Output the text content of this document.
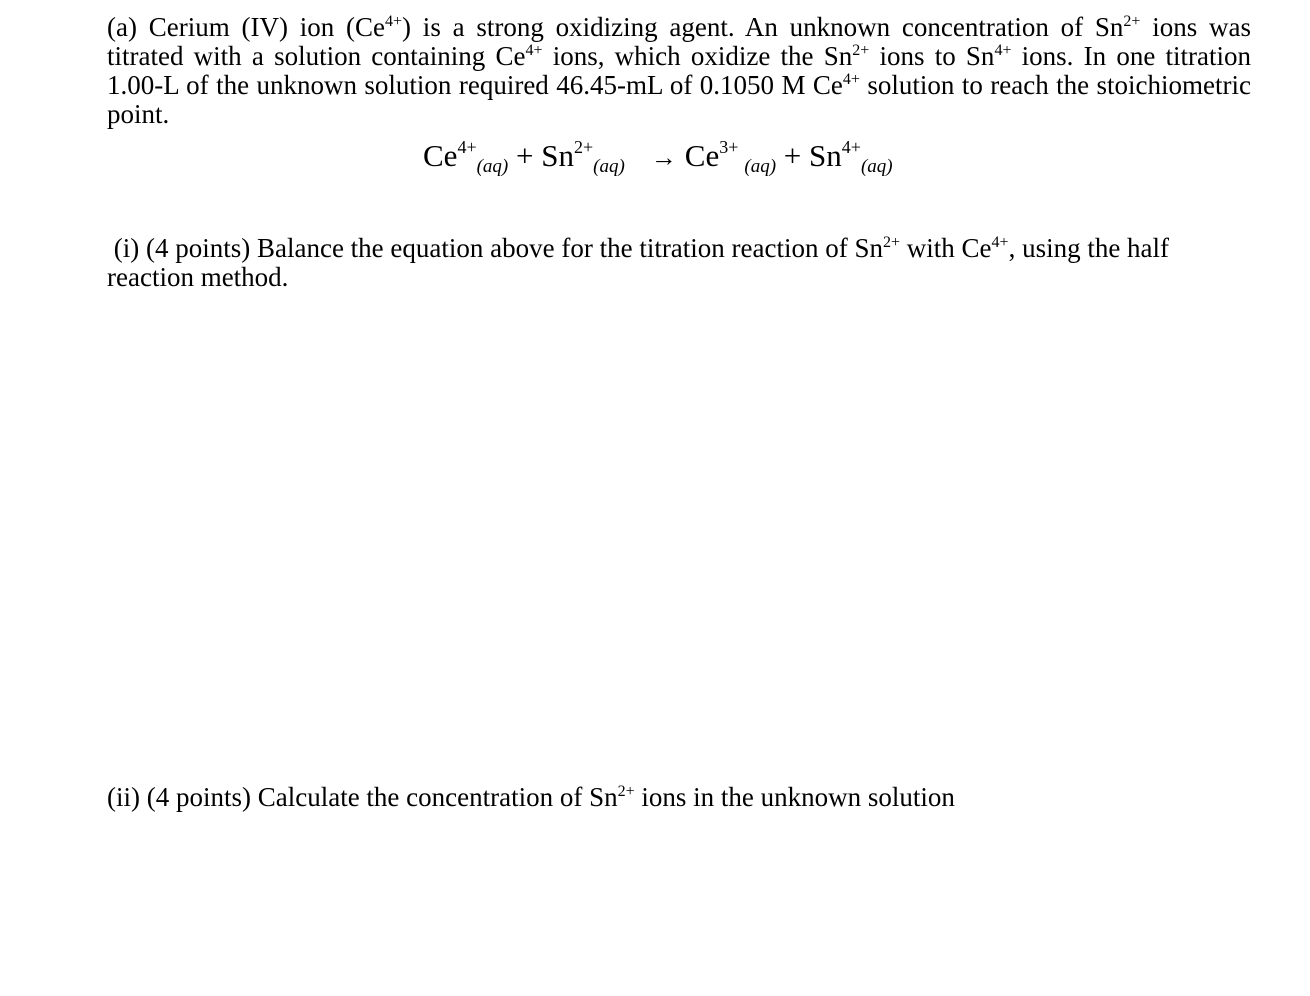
(a) Cerium (IV) ion $(Ce^{4+})$ is a strong oxidizing agent. An unknown concentration of $Sn^{2+}$ ions was titrated with a solution containing $Ce^{4+}$ ions, which oxidize the $Sn^{2+}$ ions to $Sn^{4+}$ ions. In one titration 1.00-L of the unknown solution required 46.45-mL of 0.1050 M $Ce^{4+}$ solution to reach the stoichiometric point.

$Ce^{4+}(aq) + Sn^{2+}(aq) \to Ce^{3+}(aq) + Sn^{4+}(aq)$

(i) (4 points) Balance the equation above for the titration reaction of $Sn^{2+}$ with $Ce^{4+}$, using the half reaction method.

(ii) (4 points) Calculate the concentration of $Sn^{2+}$ ions in the unknown solution
